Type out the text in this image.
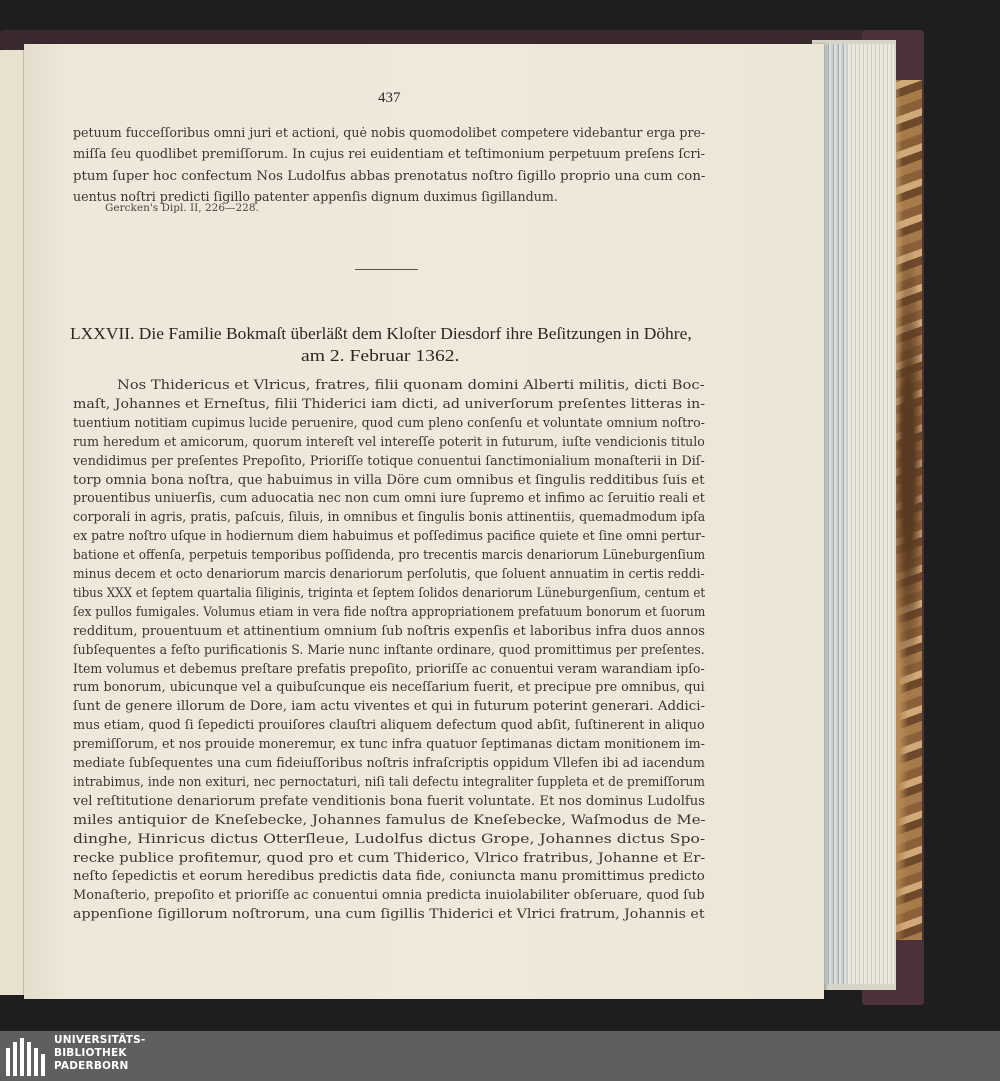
437
petuum fucceſſoribus omni juri et actioni, quė nobis quomodolibet competere videbantur erga pre-
miſſa ſeu quodlibet premiſſorum. In cujus rei euidentiam et teſtimonium perpetuum preſens ſcri-
ptum ſuper hoc confectum Nos Ludolfus abbas prenotatus noſtro ſigillo proprio una cum con-
uentus noſtri predicti ſigillo patenter appenſis dignum duximus ſigillandum.
Gercken's Dipl. II, 226—228.
LXXVII. Die Familie Bokmaſt überläßt dem Kloſter Diesdorf ihre Beſitzungen in Döhre,
am 2. Februar 1362.
Nos Thidericus et Vlricus, fratres, filii quonam domini Alberti militis, dicti Boc-
maſt, Johannes et Erneſtus, filii Thiderici iam dicti, ad univerſorum preſentes litteras in-
tuentium notitiam cupimus lucide peruenire, quod cum pleno conſenſu et voluntate omnium noſtro-
rum heredum et amicorum, quorum intereſt vel intereſſe poterit in futurum, iuſte vendicionis titulo
vendidimus per preſentes Prepoſito, Prioriſſe totique conuentui ſanctimonialium monaſterii in Diſ-
torp omnia bona noſtra, que habuimus in villa Döre cum omnibus et ſingulis redditibus ſuis et
prouentibus uniuerſis, cum aduocatia nec non cum omni iure ſupremo et infimo ac ſeruitio reali et
corporali in agris, pratis, paſcuis, ſiluis, in omnibus et ſingulis bonis attinentiis, quemadmodum ipſa
ex patre noſtro uſque in hodiernum diem habuimus et poſſedimus pacifice quiete et ſine omni pertur-
batione et offenſa, perpetuis temporibus poſſidenda, pro trecentis marcis denariorum Lüneburgenſium
minus decem et octo denariorum marcis denariorum perſolutis, que ſoluent annuatim in certis reddi-
tibus XXX et ſeptem quartalia ſiliginis, triginta et ſeptem ſolidos denariorum Lüneburgenſium, centum et
ſex pullos fumigales. Volumus etiam in vera fide noſtra appropriationem prefatuum bonorum et ſuorum
redditum, prouentuum et attinentium omnium ſub noſtris expenſis et laboribus infra duos annos
ſubſequentes a feſto purificationis S. Marie nunc inſtante ordinare, quod promittimus per preſentes.
Item volumus et debemus preſtare prefatis prepoſito, prioriſſe ac conuentui veram warandiam ipſo-
rum bonorum, ubicunque vel a quibuſcunque eis neceſſarium fuerit, et precipue pre omnibus, qui
ſunt de genere illorum de Dore, iam actu viventes et qui in futurum poterint generari. Addici-
mus etiam, quod ſi ſepedicti prouiſores clauſtri aliquem defectum quod abſit, ſuſtinerent in aliquo
premiſſorum, et nos prouide moneremur, ex tunc infra quatuor ſeptimanas dictam monitionem im-
mediate ſubſequentes una cum fideiuſſoribus noſtris infraſcriptis oppidum Vllefen ibi ad iacendum
intrabimus, inde non exituri, nec pernoctaturi, niſi tali defectu integraliter ſuppleta et de premiſſorum
vel reſtitutione denariorum prefate venditionis bona fuerit voluntate. Et nos dominus Ludolfus
miles antiquior de Kneſebecke, Johannes famulus de Kneſebecke, Waſmodus de Me-
dinghe, Hinricus dictus Otterſleue, Ludolfus dictus Grope, Johannes dictus Spo-
recke publice profitemur, quod pro et cum Thiderico, Vlrico fratribus, Johanne et Er-
neſto ſepedictis et eorum heredibus predictis data fide, coniuncta manu promittimus predicto
Monaſterio, prepoſito et prioriſſe ac conuentui omnia predicta inuiolabiliter obſeruare, quod ſub
appenſione ſigillorum noſtrorum, una cum ſigillis Thiderici et Vlrici fratrum, Johannis et
UNIVERSITÄTS-
BIBLIOTHEK
PADERBORN
